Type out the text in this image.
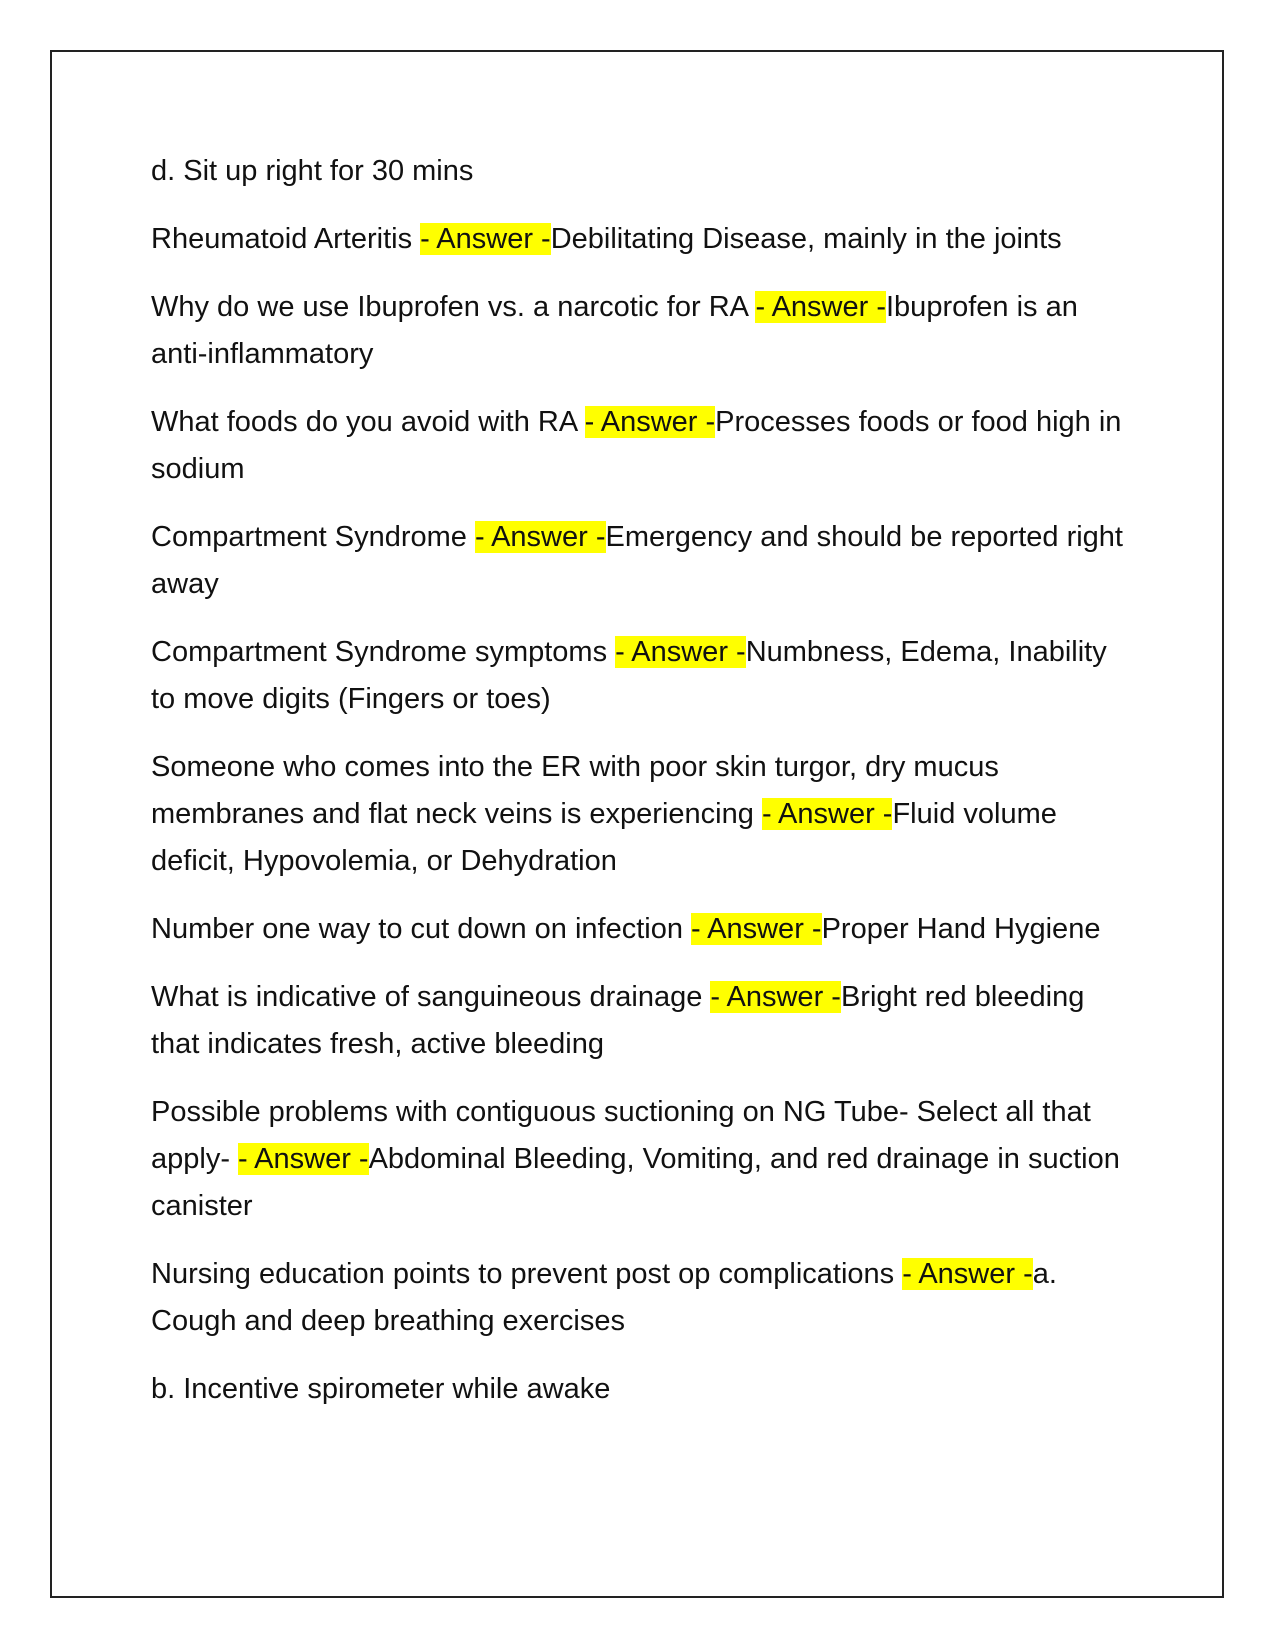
d. Sit up right for 30 mins

Rheumatoid Arteritis - Answer -Debilitating Disease, mainly in the joints

Why do we use Ibuprofen vs. a narcotic for RA - Answer -Ibuprofen is an anti-inflammatory

What foods do you avoid with RA - Answer -Processes foods or food high in sodium

Compartment Syndrome - Answer -Emergency and should be reported right away

Compartment Syndrome symptoms - Answer -Numbness, Edema, Inability to move digits (Fingers or toes)

Someone who comes into the ER with poor skin turgor, dry mucus membranes and flat neck veins is experiencing - Answer -Fluid volume deficit, Hypovolemia, or Dehydration

Number one way to cut down on infection - Answer -Proper Hand Hygiene

What is indicative of sanguineous drainage - Answer -Bright red bleeding that indicates fresh, active bleeding

Possible problems with contiguous suctioning on NG Tube- Select all that apply- - Answer -Abdominal Bleeding, Vomiting, and red drainage in suction canister

Nursing education points to prevent post op complications - Answer -a. Cough and deep breathing exercises

b. Incentive spirometer while awake
